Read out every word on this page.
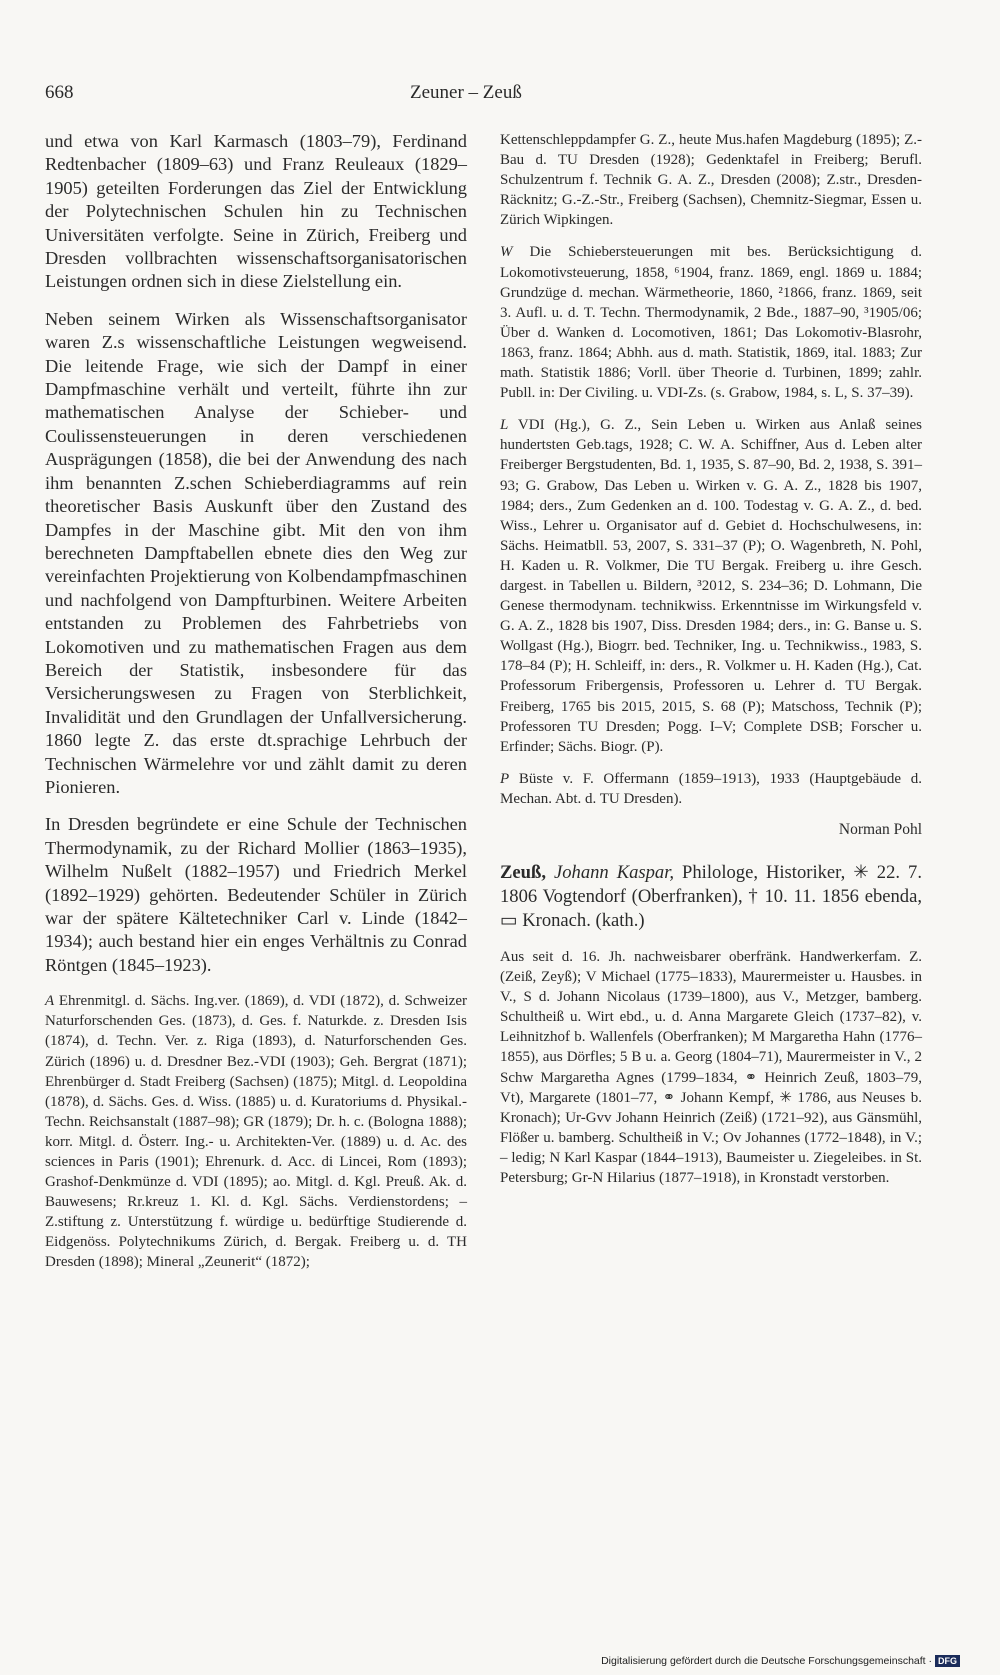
668	Zeuner – Zeuß

und etwa von Karl Karmasch (1803–79), Ferdinand Redtenbacher (1809–63) und Franz Reuleaux (1829–1905) geteilten Forderungen das Ziel der Entwicklung der Polytechnischen Schulen hin zu Technischen Universitäten verfolgte. Seine in Zürich, Freiberg und Dresden vollbrachten wissenschaftsorganisatorischen Leistungen ordnen sich in diese Zielstellung ein.

Neben seinem Wirken als Wissenschaftsorganisator waren Z.s wissenschaftliche Leistungen wegweisend. Die leitende Frage, wie sich der Dampf in einer Dampfmaschine verhält und verteilt, führte ihn zur mathematischen Analyse der Schieber- und Coulissensteuerungen in deren verschiedenen Ausprägungen (1858), die bei der Anwendung des nach ihm benannten Z.schen Schieberdiagramms auf rein theoretischer Basis Auskunft über den Zustand des Dampfes in der Maschine gibt. Mit den von ihm berechneten Dampftabellen ebnete dies den Weg zur vereinfachten Projektierung von Kolbendampfmaschinen und nachfolgend von Dampfturbinen. Weitere Arbeiten entstanden zu Problemen des Fahrbetriebs von Lokomotiven und zu mathematischen Fragen aus dem Bereich der Statistik, insbesondere für das Versicherungswesen zu Fragen von Sterblichkeit, Invalidität und den Grundlagen der Unfallversicherung. 1860 legte Z. das erste dt.sprachige Lehrbuch der Technischen Wärmelehre vor und zählt damit zu deren Pionieren.

In Dresden begründete er eine Schule der Technischen Thermodynamik, zu der Richard Mollier (1863–1935), Wilhelm Nußelt (1882–1957) und Friedrich Merkel (1892–1929) gehörten. Bedeutender Schüler in Zürich war der spätere Kältetechniker Carl v. Linde (1842–1934); auch bestand hier ein enges Verhältnis zu Conrad Röntgen (1845–1923).

A Ehrenmitgl. d. Sächs. Ing.ver. (1869), d. VDI (1872), d. Schweizer Naturforschenden Ges. (1873), d. Ges. f. Naturkde. z. Dresden Isis (1874), d. Techn. Ver. z. Riga (1893), d. Naturforschenden Ges. Zürich (1896) u. d. Dresdner Bez.-VDI (1903); Geh. Bergrat (1871); Ehrenbürger d. Stadt Freiberg (Sachsen) (1875); Mitgl. d. Leopoldina (1878), d. Sächs. Ges. d. Wiss. (1885) u. d. Kuratoriums d. Physikal.-Techn. Reichsanstalt (1887–98); GR (1879); Dr. h. c. (Bologna 1888); korr. Mitgl. d. Österr. Ing.- u. Architekten-Ver. (1889) u. d. Ac. des sciences in Paris (1901); Ehrenurk. d. Acc. di Lincei, Rom (1893); Grashof-Denkmünze d. VDI (1895); ao. Mitgl. d. Kgl. Preuß. Ak. d. Bauwesens; Rr.kreuz 1. Kl. d. Kgl. Sächs. Verdienstordens; – Z.stiftung z. Unterstützung f. würdige u. bedürftige Studierende d. Eidgenöss. Polytechnikums Zürich, d. Bergak. Freiberg u. d. TH Dresden (1898); Mineral „Zeunerit“ (1872);

Kettenschleppdampfer G. Z., heute Mus.hafen Magdeburg (1895); Z.-Bau d. TU Dresden (1928); Gedenktafel in Freiberg; Berufl. Schulzentrum f. Technik G. A. Z., Dresden (2008); Z.str., Dresden-Räcknitz; G.-Z.-Str., Freiberg (Sachsen), Chemnitz-Siegmar, Essen u. Zürich Wipkingen.

W Die Schiebersteuerungen mit bes. Berücksichtigung d. Lokomotivsteuerung, 1858, ⁶1904, franz. 1869, engl. 1869 u. 1884; Grundzüge d. mechan. Wärmetheorie, 1860, ²1866, franz. 1869, seit 3. Aufl. u. d. T. Techn. Thermodynamik, 2 Bde., 1887–90, ³1905/06; Über d. Wanken d. Locomotiven, 1861; Das Lokomotiv-Blasrohr, 1863, franz. 1864; Abhh. aus d. math. Statistik, 1869, ital. 1883; Zur math. Statistik 1886; Vorll. über Theorie d. Turbinen, 1899; zahlr. Publl. in: Der Civiling. u. VDI-Zs. (s. Grabow, 1984, s. L, S. 37–39).

L VDI (Hg.), G. Z., Sein Leben u. Wirken aus Anlaß seines hundertsten Geb.tags, 1928; C. W. A. Schiffner, Aus d. Leben alter Freiberger Bergstudenten, Bd. 1, 1935, S. 87–90, Bd. 2, 1938, S. 391–93; G. Grabow, Das Leben u. Wirken v. G. A. Z., 1828 bis 1907, 1984; ders., Zum Gedenken an d. 100. Todestag v. G. A. Z., d. bed. Wiss., Lehrer u. Organisator auf d. Gebiet d. Hochschulwesens, in: Sächs. Heimatbll. 53, 2007, S. 331–37 (P); O. Wagenbreth, N. Pohl, H. Kaden u. R. Volkmer, Die TU Bergak. Freiberg u. ihre Gesch. dargest. in Tabellen u. Bildern, ³2012, S. 234–36; D. Lohmann, Die Genese thermodynam. technikwiss. Erkenntnisse im Wirkungsfeld v. G. A. Z., 1828 bis 1907, Diss. Dresden 1984; ders., in: G. Banse u. S. Wollgast (Hg.), Biogrr. bed. Techniker, Ing. u. Technikwiss., 1983, S. 178–84 (P); H. Schleiff, in: ders., R. Volkmer u. H. Kaden (Hg.), Cat. Professorum Fribergensis, Professoren u. Lehrer d. TU Bergak. Freiberg, 1765 bis 2015, 2015, S. 68 (P); Matschoss, Technik (P); Professoren TU Dresden; Pogg. I–V; Complete DSB; Forscher u. Erfinder; Sächs. Biogr. (P).

P Büste v. F. Offermann (1859–1913), 1933 (Hauptgebäude d. Mechan. Abt. d. TU Dresden).

Norman Pohl

Zeuß, Johann Kaspar, Philologe, Historiker, ✳ 22. 7. 1806 Vogtendorf (Oberfranken), † 10. 11. 1856 ebenda, ▭ Kronach. (kath.)

Aus seit d. 16. Jh. nachweisbarer oberfränk. Handwerkerfam. Z. (Zeiß, Zeyß); V Michael (1775–1833), Maurermeister u. Hausbes. in V., S d. Johann Nicolaus (1739–1800), aus V., Metzger, bamberg. Schultheiß u. Wirt ebd., u. d. Anna Margarete Gleich (1737–82), v. Leihnitzhof b. Wallenfels (Oberfranken); M Margaretha Hahn (1776–1855), aus Dörfles; 5 B u. a. Georg (1804–71), Maurermeister in V., 2 Schw Margaretha Agnes (1799–1834, ⚭ Heinrich Zeuß, 1803–79, Vt), Margarete (1801–77, ⚭ Johann Kempf, ✳ 1786, aus Neuses b. Kronach); Ur-Gvv Johann Heinrich (Zeiß) (1721–92), aus Gänsmühl, Flößer u. bamberg. Schultheiß in V.; Ov Johannes (1772–1848), in V.; – ledig; N Karl Kaspar (1844–1913), Baumeister u. Ziegeleibes. in St. Petersburg; Gr-N Hilarius (1877–1918), in Kronstadt verstorben.

Digitalisierung gefördert durch die Deutsche Forschungsgemeinschaft · DFG
